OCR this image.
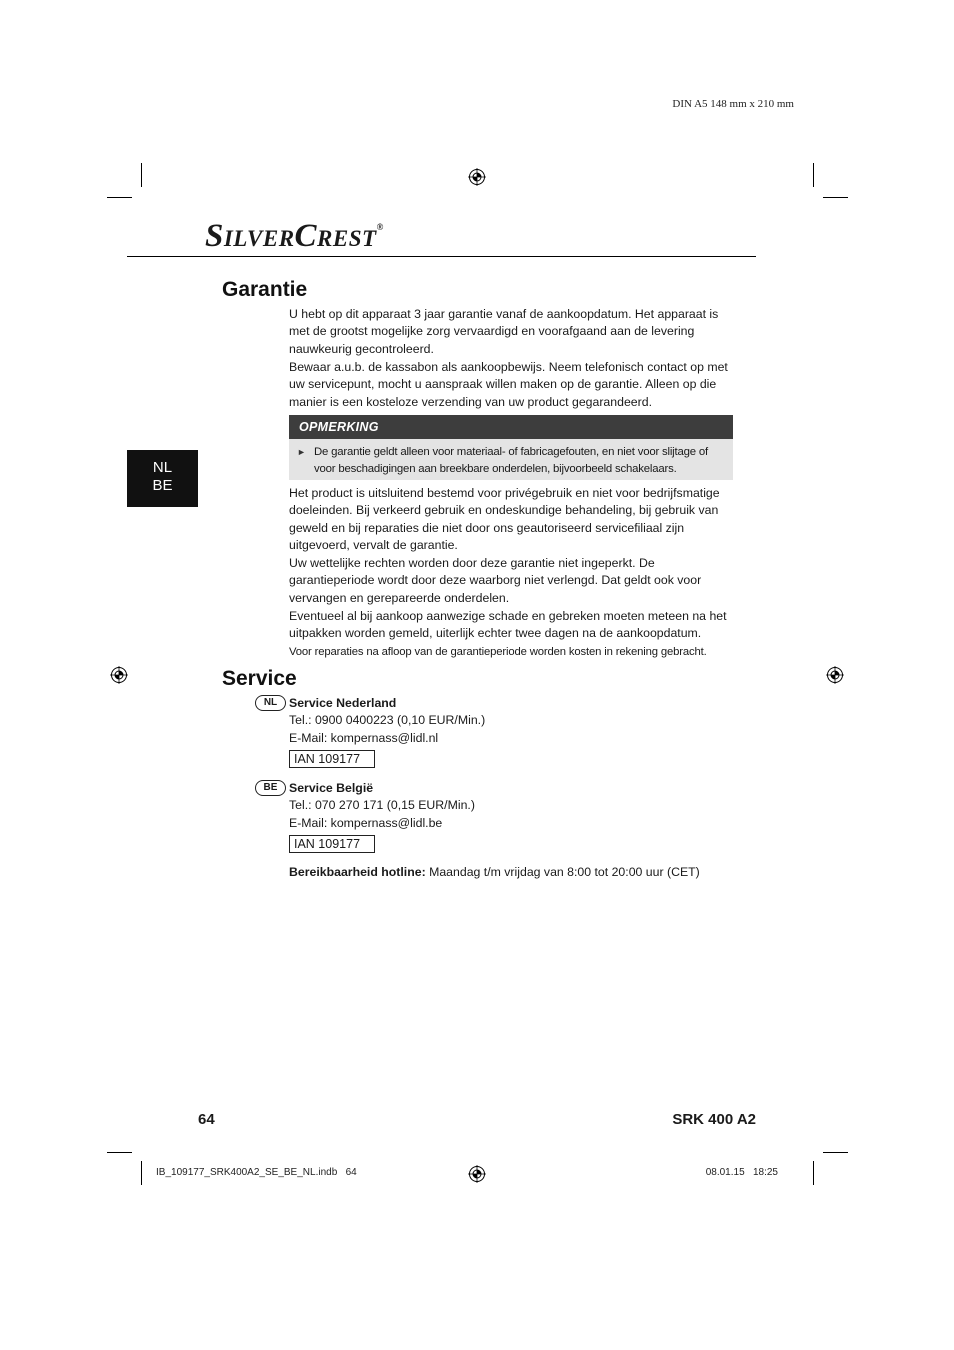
DIN A5 148 mm x 210 mm
SILVERCREST®
NL
BE
Garantie

U hebt op dit apparaat 3 jaar garantie vanaf de aankoopdatum. Het apparaat is met de grootst mogelijke zorg vervaardigd en voorafgaand aan de levering nauwkeurig gecontroleerd.

Bewaar a.u.b. de kassabon als aankoopbewijs. Neem telefonisch contact op met uw servicepunt, mocht u aanspraak willen maken op de garantie. Alleen op die manier is een kosteloze verzending van uw product gegarandeerd.

OPMERKING
► De garantie geldt alleen voor materiaal- of fabricagefouten, en niet voor slijtage of voor beschadigingen aan breekbare onderdelen, bijvoorbeeld schakelaars.

Het product is uitsluitend bestemd voor privégebruik en niet voor bedrijfsmatige doeleinden. Bij verkeerd gebruik en ondeskundige behandeling, bij gebruik van geweld en bij reparaties die niet door ons geautoriseerd servicefiliaal zijn uitgevoerd, vervalt de garantie.

Uw wettelijke rechten worden door deze garantie niet ingeperkt. De garantieperiode wordt door deze waarborg niet verlengd. Dat geldt ook voor vervangen en gerepareerde onderdelen.

Eventueel al bij aankoop aanwezige schade en gebreken moeten meteen na het uitpakken worden gemeld, uiterlijk echter twee dagen na de aankoopdatum.

Voor reparaties na afloop van de garantieperiode worden kosten in rekening gebracht.

Service
NL Service Nederland

Tel.: 0900 0400223 (0,10 EUR/Min.)

E-Mail: kompernass@lidl.nl

IAN 109177
BE Service België

Tel.: 070 270 171 (0,15 EUR/Min.)

E-Mail: kompernass@lidl.be

IAN 109177

Bereikbaarheid hotline: Maandag t/m vrijdag van 8:00 tot 20:00 uur (CET)

64	SRK 400 A2
IB_109177_SRK400A2_SE_BE_NL.indb   64	08.01.15   18:25
